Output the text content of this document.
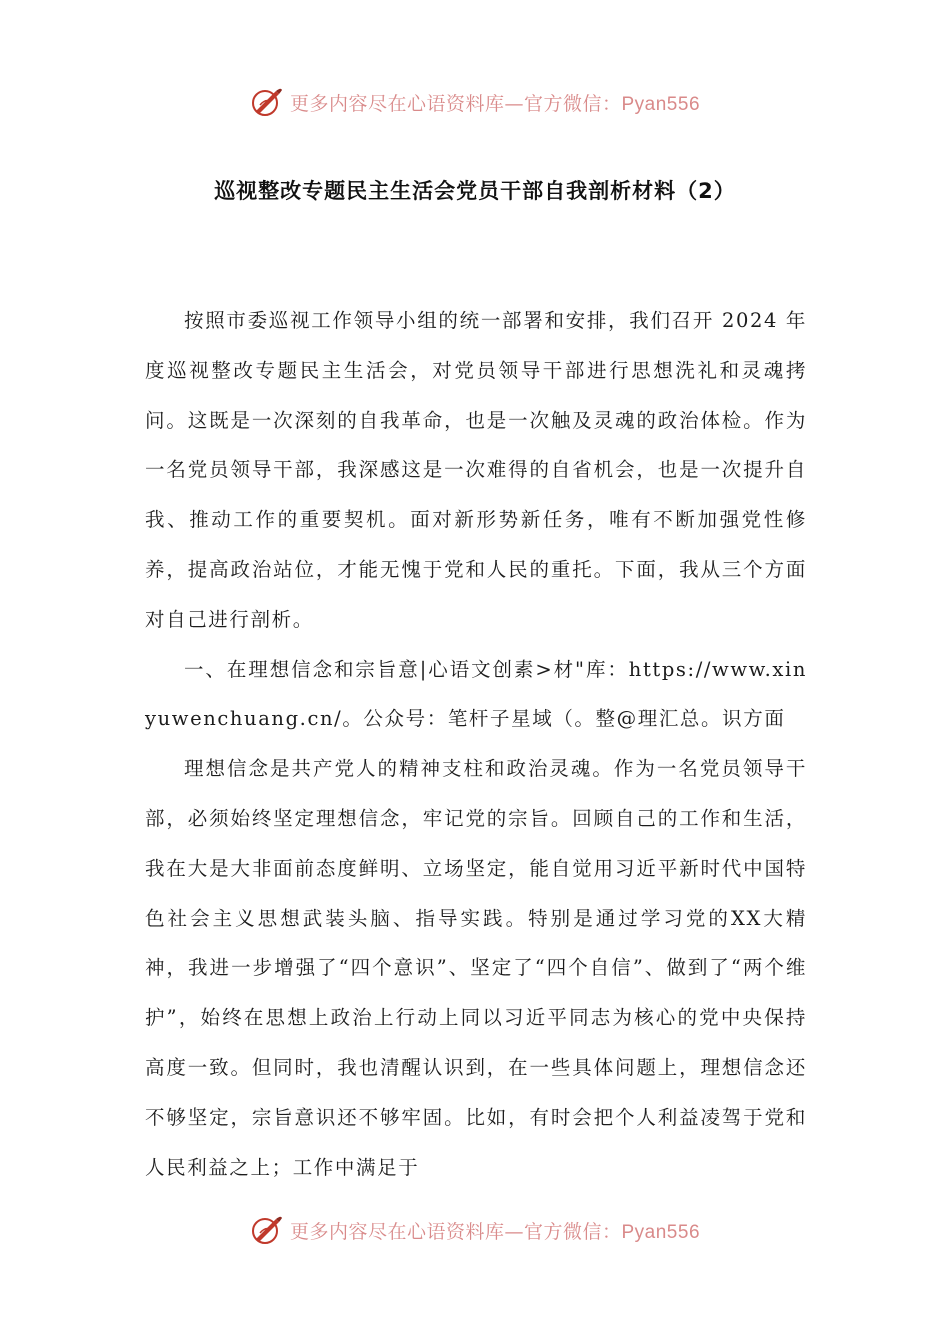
更多内容尽在心语资料库—官方微信：Pyan556
巡视整改专题民主生活会党员干部自我剖析材料（2）

按照市委巡视工作领导小组的统一部署和安排，我们召开 2024 年度巡视整改专题民主生活会，对党员领导干部进行思想洗礼和灵魂拷问。这既是一次深刻的自我革命，也是一次触及灵魂的政治体检。作为一名党员领导干部，我深感这是一次难得的自省机会，也是一次提升自我、推动工作的重要契机。面对新形势新任务，唯有不断加强党性修养，提高政治站位，才能无愧于党和人民的重托。下面，我从三个方面对自己进行剖析。

一、在理想信念和宗旨意|心语文创素>材"库：https://www.xinyuwenchuang.cn/。公众号：笔杆子星域（。整@理汇总。识方面

理想信念是共产党人的精神支柱和政治灵魂。作为一名党员领导干部，必须始终坚定理想信念，牢记党的宗旨。回顾自己的工作和生活，我在大是大非面前态度鲜明、立场坚定，能自觉用习近平新时代中国特色社会主义思想武装头脑、指导实践。特别是通过学习党的XX大精神，我进一步增强了“四个意识”、坚定了“四个自信”、做到了“两个维护”，始终在思想上政治上行动上同以习近平同志为核心的党中央保持高度一致。但同时，我也清醒认识到，在一些具体问题上，理想信念还不够坚定，宗旨意识还不够牢固。比如，有时会把个人利益凌驾于党和人民利益之上；工作中满足于

更多内容尽在心语资料库—官方微信：Pyan556
